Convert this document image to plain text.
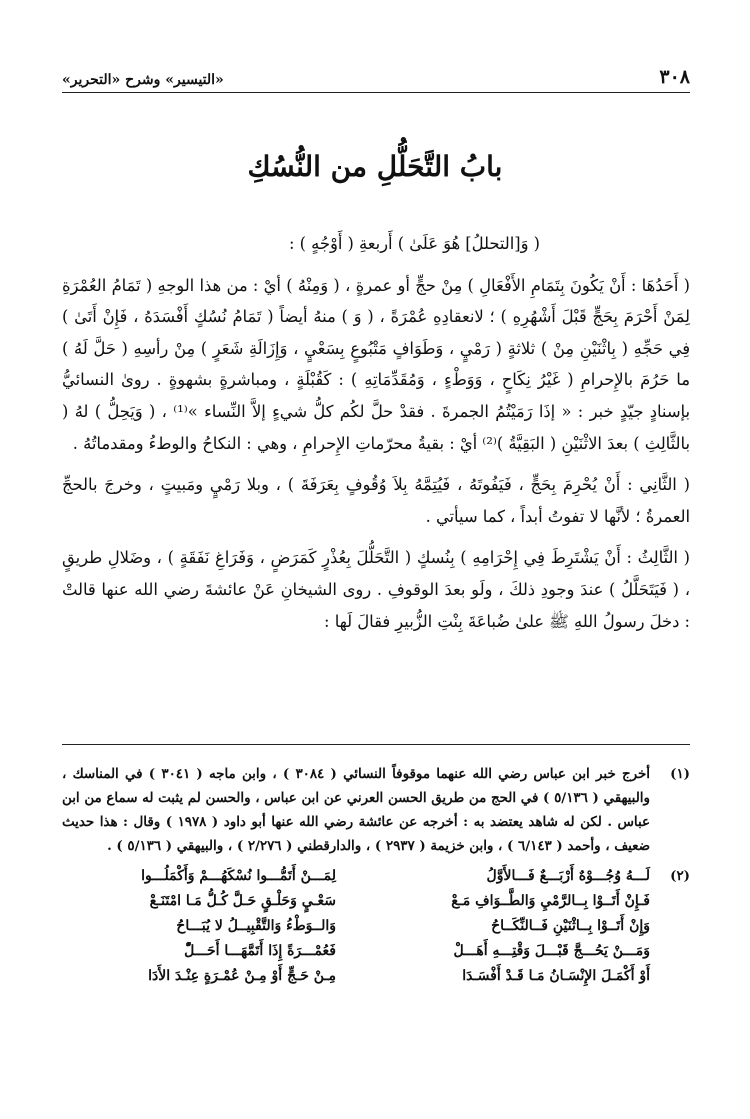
٣٠٨
«التيسير» وشرح «التحرير»
بابُ التَّحَلُّلِ من النُّسُكِ

( وَ[التحللُ] هُوَ عَلَىٰ ) أَربعةِ ( أَوْجُهٍ ) :

( أَحَدُهَا : أَنْ يَكُونَ بِتَمَامِ الأَفْعَالِ ) مِنْ حجٍّ أو عمرةٍ ، ( وَمِنْهُ ) أيْ : من هذا الوجهِ ( تَمَامُ العُمْرَةِ لِمَنْ أَحْرَمَ بِحَجٍّ قَبْلَ أَشْهُرِهِ ) ؛ لانعقادِهِ عُمْرَةً ، ( وَ ) منهُ أيضاً ( تَمَامُ نُسُكٍ أَفْسَدَهُ ، فَإِنْ أَتَىٰ ) فِي حَجِّهِ ( بِاثْنَيْنِ مِنْ ) ثلاثةٍ ( رَمْيٍ ، وَطَوَافٍ مَتْبُوعٍ بِسَعْيٍ ، وَإِزَالَةِ شَعَرٍ ) مِنْ رأسِهِ ( حَلَّ لَهُ ) ما حَرُمَ بالإِحرامِ ( غَيْرُ نِكَاحٍ ، وَوَطْءٍ ، وَمُقَدِّمَاتِهِ ) : كَقُبْلَةٍ ، ومباشرةٍ بشهوةٍ . روىٰ النسائيُّ بإسنادٍ جيّدٍ خبر : « إذَا رَمَيْتُمُ الجمرةَ . فقدْ حلَّ لكُم كلُّ شيءٍ إلاَّ النِّساء »⁽¹⁾ ، ( وَيَحِلُّ ) لهُ ( بالثَّالِثِ ) بعدَ الاثْنَيْنِ ( البَقِيَّةُ )⁽²⁾ أيْ : بقيةُ محرّماتِ الإِحرامِ ، وهي : النكاحُ والوطءُ ومقدماتُهُ .

( الثَّانِي : أَنْ يُحْرِمَ بِحَجٍّ ، فَيَفُوتَهُ ، فَيُتِمَّهُ بِلاَ وُقُوفٍ بِعَرَفَةَ ) ، وبلا رَمْيٍ ومَبيتٍ ، وخرجَ بالحجِّ العمرةُ ؛ لأنَّها لا تفوتُ أبداً ، كما سيأتي .

( الثَّالِثُ : أَنْ يَشْتَرِطَ فِي إِحْرَامِهِ ) بِنُسكٍ ( التَّحَلُّلَ بِعُذْرٍ كَمَرَضٍ ، وَفَرَاغِ نَفَقَةٍ ) ، وضَلالِ طريقٍ ، ( فَيَتَحَلَّلُ ) عندَ وجودِ ذلكَ ، ولَو بعدَ الوقوفِ . روى الشيخانِ عَنْ عائشةَ رضي الله عنها قالتْ : دخلَ رسولُ اللهِ ﷺ علىٰ ضُباعَةَ بِنْتِ الزُّبيرِ فقالَ لَها :

(١)
أخرج خبر ابن عباس رضي الله عنهما موقوفاً النسائي ( ٣٠٨٤ ) ، وابن ماجه ( ٣٠٤١ ) في المناسك ، والبيهقي ( ٥/١٣٦ ) في الحج من طريق الحسن العرني عن ابن عباس ، والحسن لم يثبت له سماع من ابن عباس . لكن له شاهد يعتضد به : أخرجه عن عائشة رضي الله عنها أبو داود ( ١٩٧٨ ) وقال : هذا حديث ضعيف ، وأحمد ( ٦/١٤٣ ) ، وابن خزيمة ( ٢٩٣٧ ) ، والدارقطني ( ٢/٢٧٦ ) ، والبيهقي ( ٥/١٣٦ ) .
(٢)
لَـــهُ وُجُـــوْهٌ أَرْبَـــعٌ فَـــالأَوَّلُ
فَـإِنْ أَتَــوْا بِــالرَّمْيِ وَالطَّــوَافِ مَـعْ
وَإِنْ أَتَــوْا بِــاثْنَيْنِ فَــالنِّكَــاحُ
وَمَـــنْ يَحُـــجَّ قَبْـــلَ وَقْتِـــهِ أَهَـــلْ
أَوْ أَكْمَـلَ الإِنْسَـانُ مَـا قَـدْ أَفْسَـدَا
لِمَـــنْ أَتَمُّـــوا نُسْكَهُـــمْ وَأَكْمَلُـــوا
سَعْـيٍ وَحَلْـقٍ حَـلَّ كُـلُّ مَـا امْتَنَـعْ
وَالــوَطْءُ وَالتَّقْبِيــلُ لا يُبَـــاحُ
فَعُمْـــرَةً إِذَا أَتَمَّهَـــا أَحَـــلّْ
مِـنْ حَـجٍّ أَوْ مِـنْ عُمْـرَةٍ عِنْـدَ الأَدَا
